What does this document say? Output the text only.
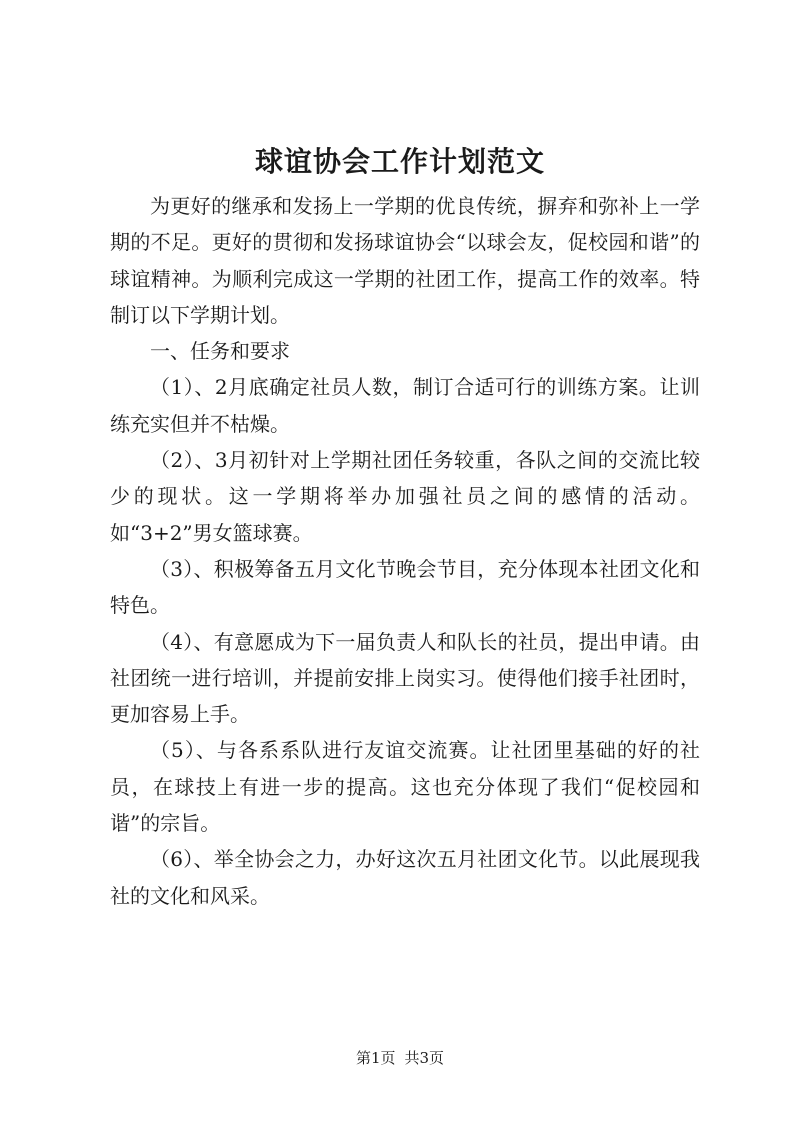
球谊协会工作计划范文

为更好的继承和发扬上一学期的优良传统，摒弃和弥补上一学期的不足。更好的贯彻和发扬球谊协会“以球会友，促校园和谐”的球谊精神。为顺利完成这一学期的社团工作，提高工作的效率。特制订以下学期计划。

一、任务和要求

（1）、2月底确定社员人数，制订合适可行的训练方案。让训练充实但并不枯燥。

（2）、3月初针对上学期社团任务较重，各队之间的交流比较少的现状。这一学期将举办加强社员之间的感情的活动。如“3+2”男女篮球赛。

（3）、积极筹备五月文化节晚会节目，充分体现本社团文化和特色。

（4）、有意愿成为下一届负责人和队长的社员，提出申请。由社团统一进行培训，并提前安排上岗实习。使得他们接手社团时，更加容易上手。

（5）、与各系系队进行友谊交流赛。让社团里基础的好的社员，在球技上有进一步的提高。这也充分体现了我们“促校园和谐”的宗旨。

（6）、举全协会之力，办好这次五月社团文化节。以此展现我社的文化和风采。

第1页 共3页
